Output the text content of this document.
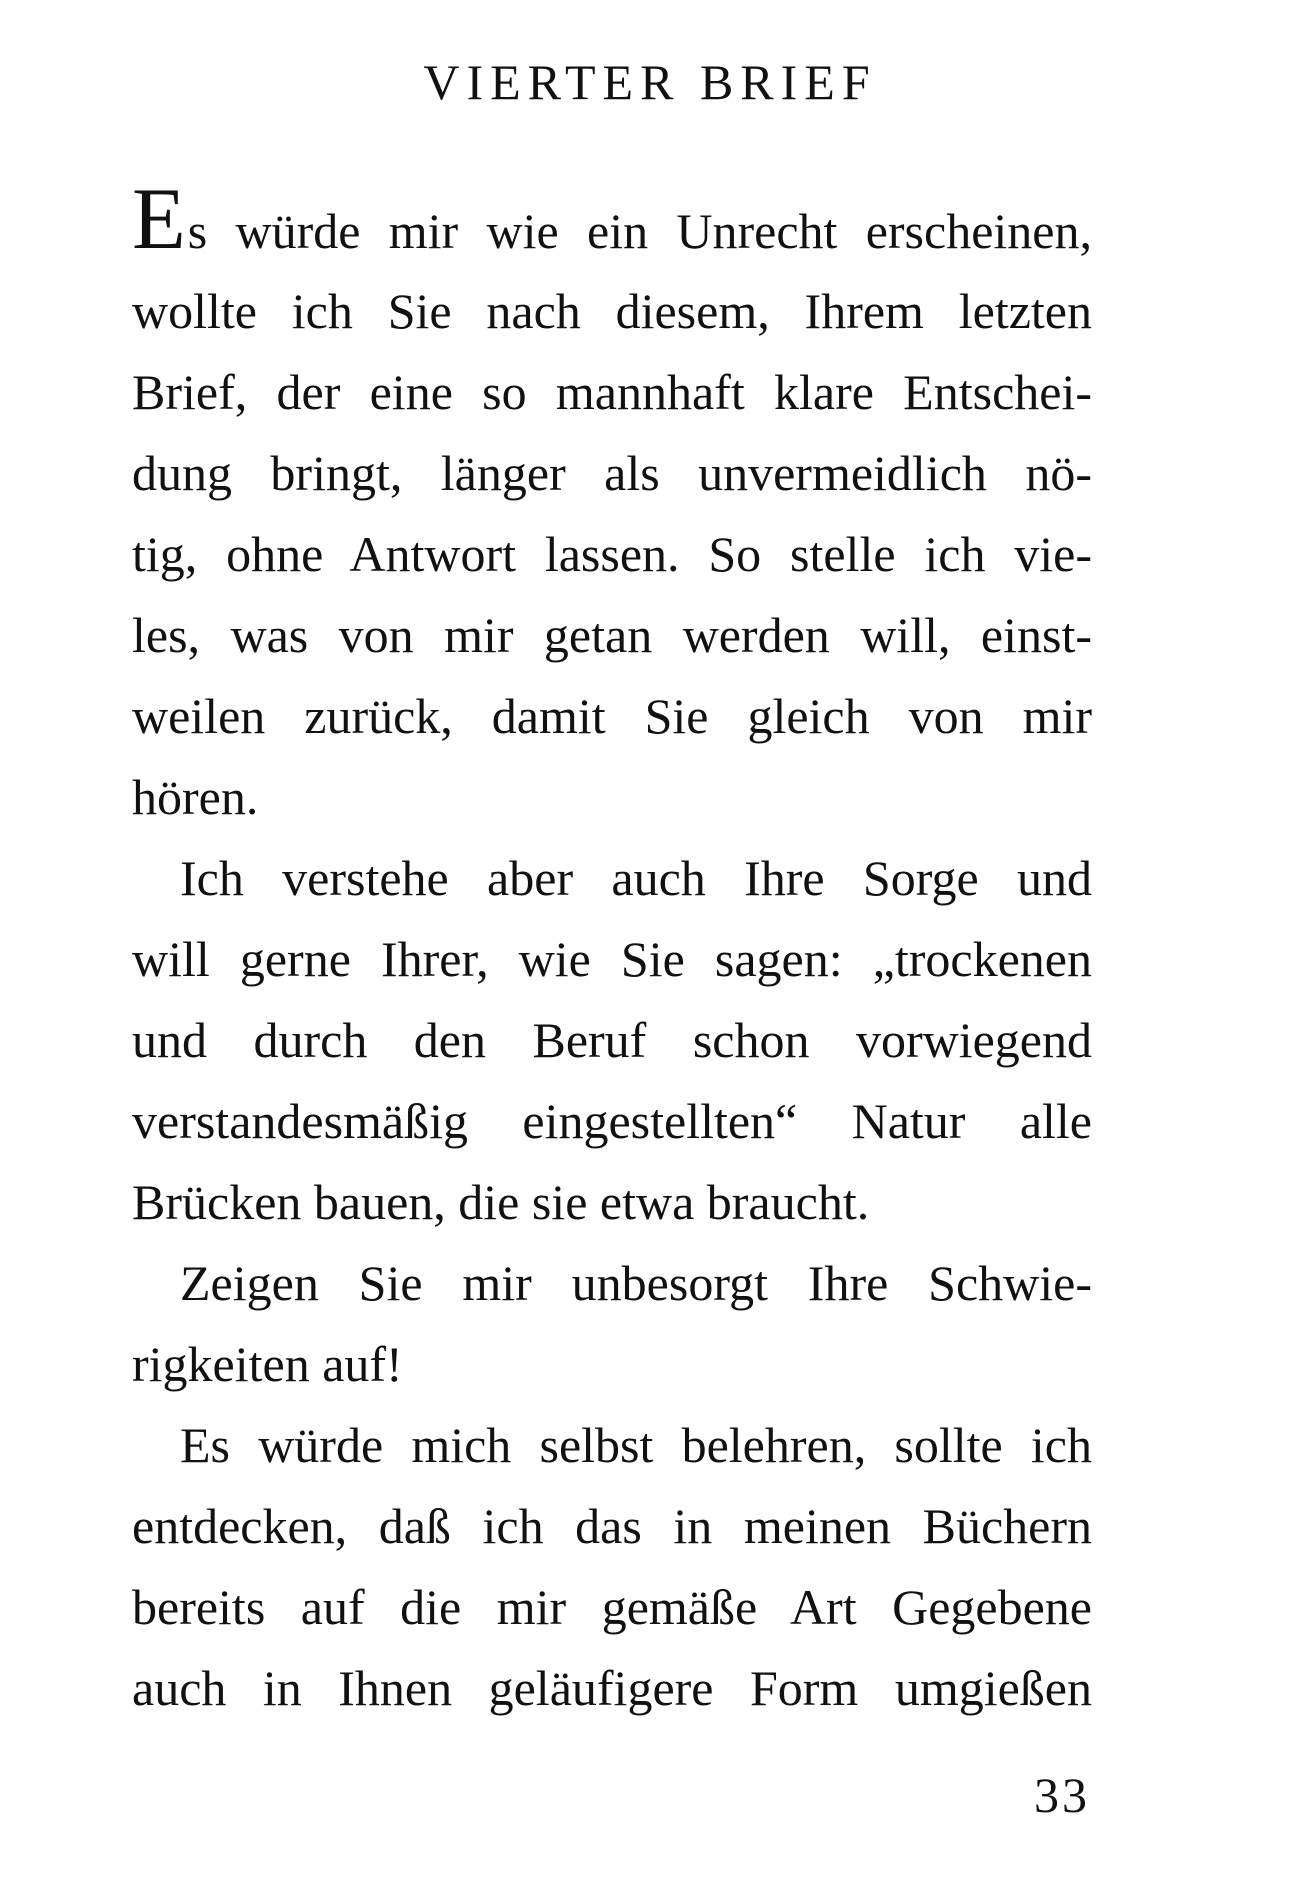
VIERTER BRIEF
Es würde mir wie ein Unrecht erscheinen,
wollte ich Sie nach diesem, Ihrem letzten
Brief, der eine so mannhaft klare Entschei-
dung bringt, länger als unvermeidlich nö-
tig, ohne Antwort lassen. So stelle ich vie-
les, was von mir getan werden will, einst-
weilen zurück, damit Sie gleich von mir
hören.
Ich verstehe aber auch Ihre Sorge und
will gerne Ihrer, wie Sie sagen: „trockenen
und durch den Beruf schon vorwiegend
verstandesmäßig eingestellten“ Natur alle
Brücken bauen, die sie etwa braucht.
Zeigen Sie mir unbesorgt Ihre Schwie-
rigkeiten auf!
Es würde mich selbst belehren, sollte ich
entdecken, daß ich das in meinen Büchern
bereits auf die mir gemäße Art Gegebene
auch in Ihnen geläufigere Form umgießen
33
